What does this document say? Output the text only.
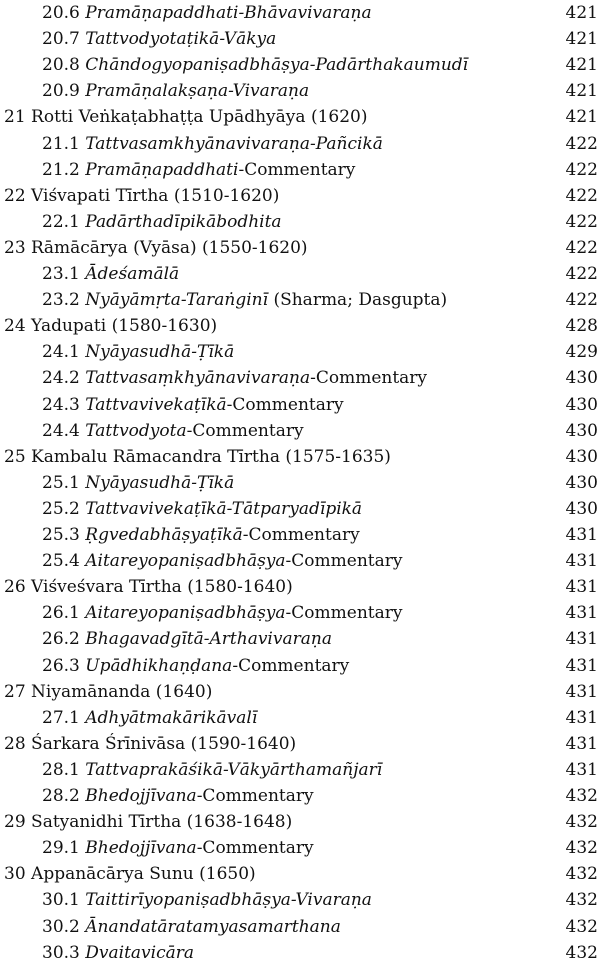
20.6 Pramāṇapaddhati-Bhāvavivaraṇa	421
20.7 Tattvodyotaṭikā-Vākya	421
20.8 Chāndogyopaniṣadbhāṣya-Padārthakaumudī	421
20.9 Pramāṇalakṣaṇa-Vivaraṇa	421
21 Rotti Veṅkaṭabhaṭṭa Upādhyāya (1620)	421
21.1 Tattvasamkhyānavivaraṇa-Pañcikā	422
21.2 Pramāṇapaddhati-Commentary	422
22 Viśvapati Tīrtha (1510-1620)	422
22.1 Padārthadīpikābodhita	422
23 Rāmācārya (Vyāsa) (1550-1620)	422
23.1 Ādeśamālā	422
23.2 Nyāyāmṛta-Taraṅginī (Sharma; Dasgupta)	422
24 Yadupati (1580-1630)	428
24.1 Nyāyasudhā-Ṭīkā	429
24.2 Tattvasaṃkhyānavivaraṇa-Commentary	430
24.3 Tattvavivekaṭīkā-Commentary	430
24.4 Tattvodyota-Commentary	430
25 Kambalu Rāmacandra Tīrtha (1575-1635)	430
25.1 Nyāyasudhā-Ṭīkā	430
25.2 Tattvavivekaṭīkā-Tātparyadīpikā	430
25.3 Ṛgvedabhāṣyaṭīkā-Commentary	431
25.4 Aitareyopaniṣadbhāṣya-Commentary	431
26 Viśveśvara Tīrtha (1580-1640)	431
26.1 Aitareyopaniṣadbhāṣya-Commentary	431
26.2 Bhagavadgītā-Arthavivaraṇa	431
26.3 Upādhikhaṇḍana-Commentary	431
27 Niyamānanda (1640)	431
27.1 Adhyātmakārikāvalī	431
28 Śarkara Śrīnivāsa (1590-1640)	431
28.1 Tattvaprakāśikā-Vākyārthamañjarī	431
28.2 Bhedojjīvana-Commentary	432
29 Satyanidhi Tīrtha (1638-1648)	432
29.1 Bhedojjīvana-Commentary	432
30 Appanācārya Sunu (1650)	432
30.1 Taittirīyopaniṣadbhāṣya-Vivaraṇa	432
30.2 Ānandatāratamyasamarthana	432
30.3 Dvaitavicāra	432
